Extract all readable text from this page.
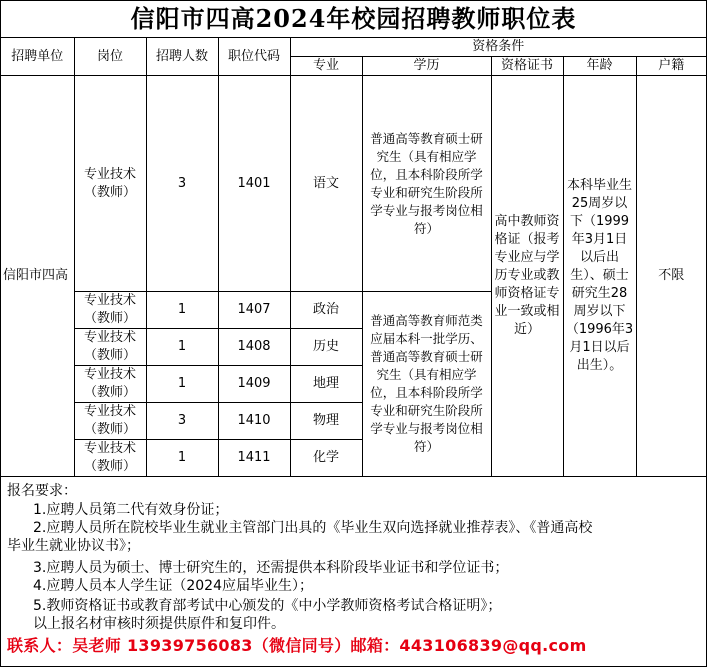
信阳市四高2024年校园招聘教师职位表
招聘单位	岗位	招聘人数	职位代码	资格条件				
				专业	学历	资格证书	年龄	户籍
信阳市四高	专业技术（教师）	3	1401	语文	普通高等教育硕士研究生（具有相应学位，且本科阶段所学专业和研究生阶段所学专业与报考岗位相符）	高中教师资格证（报考专业应与学历专业或教师资格证专业一致或相近）	本科毕业生25周岁以下（1999年3月1日以后出生）、硕士研究生28周岁以下（1996年3月1日以后出生）。	不限
	专业技术（教师）	1	1407	政治	普通高等教育师范类应届本科一批学历、普通高等教育硕士研究生（具有相应学位，且本科阶段所学专业和研究生阶段所学专业与报考岗位相符）			
	专业技术（教师）	1	1408	历史				
	专业技术（教师）	1	1409	地理				
	专业技术（教师）	3	1410	物理				
	专业技术（教师）	1	1411	化学				
报名要求：
1.应聘人员第二代有效身份证；
2.应聘人员所在院校毕业生就业主管部门出具的《毕业生双向选择就业推荐表》、《普通高校
毕业生就业协议书》；
3.应聘人员为硕士、博士研究生的，还需提供本科阶段毕业证书和学位证书；
4.应聘人员本人学生证（2024应届毕业生）；
5.教师资格证书或教育部考试中心颁发的《中小学教师资格考试合格证明》；
以上报名材审核时须提供原件和复印件。
联系人：吴老师 13939756083（微信同号）邮箱：443106839@qq.com
